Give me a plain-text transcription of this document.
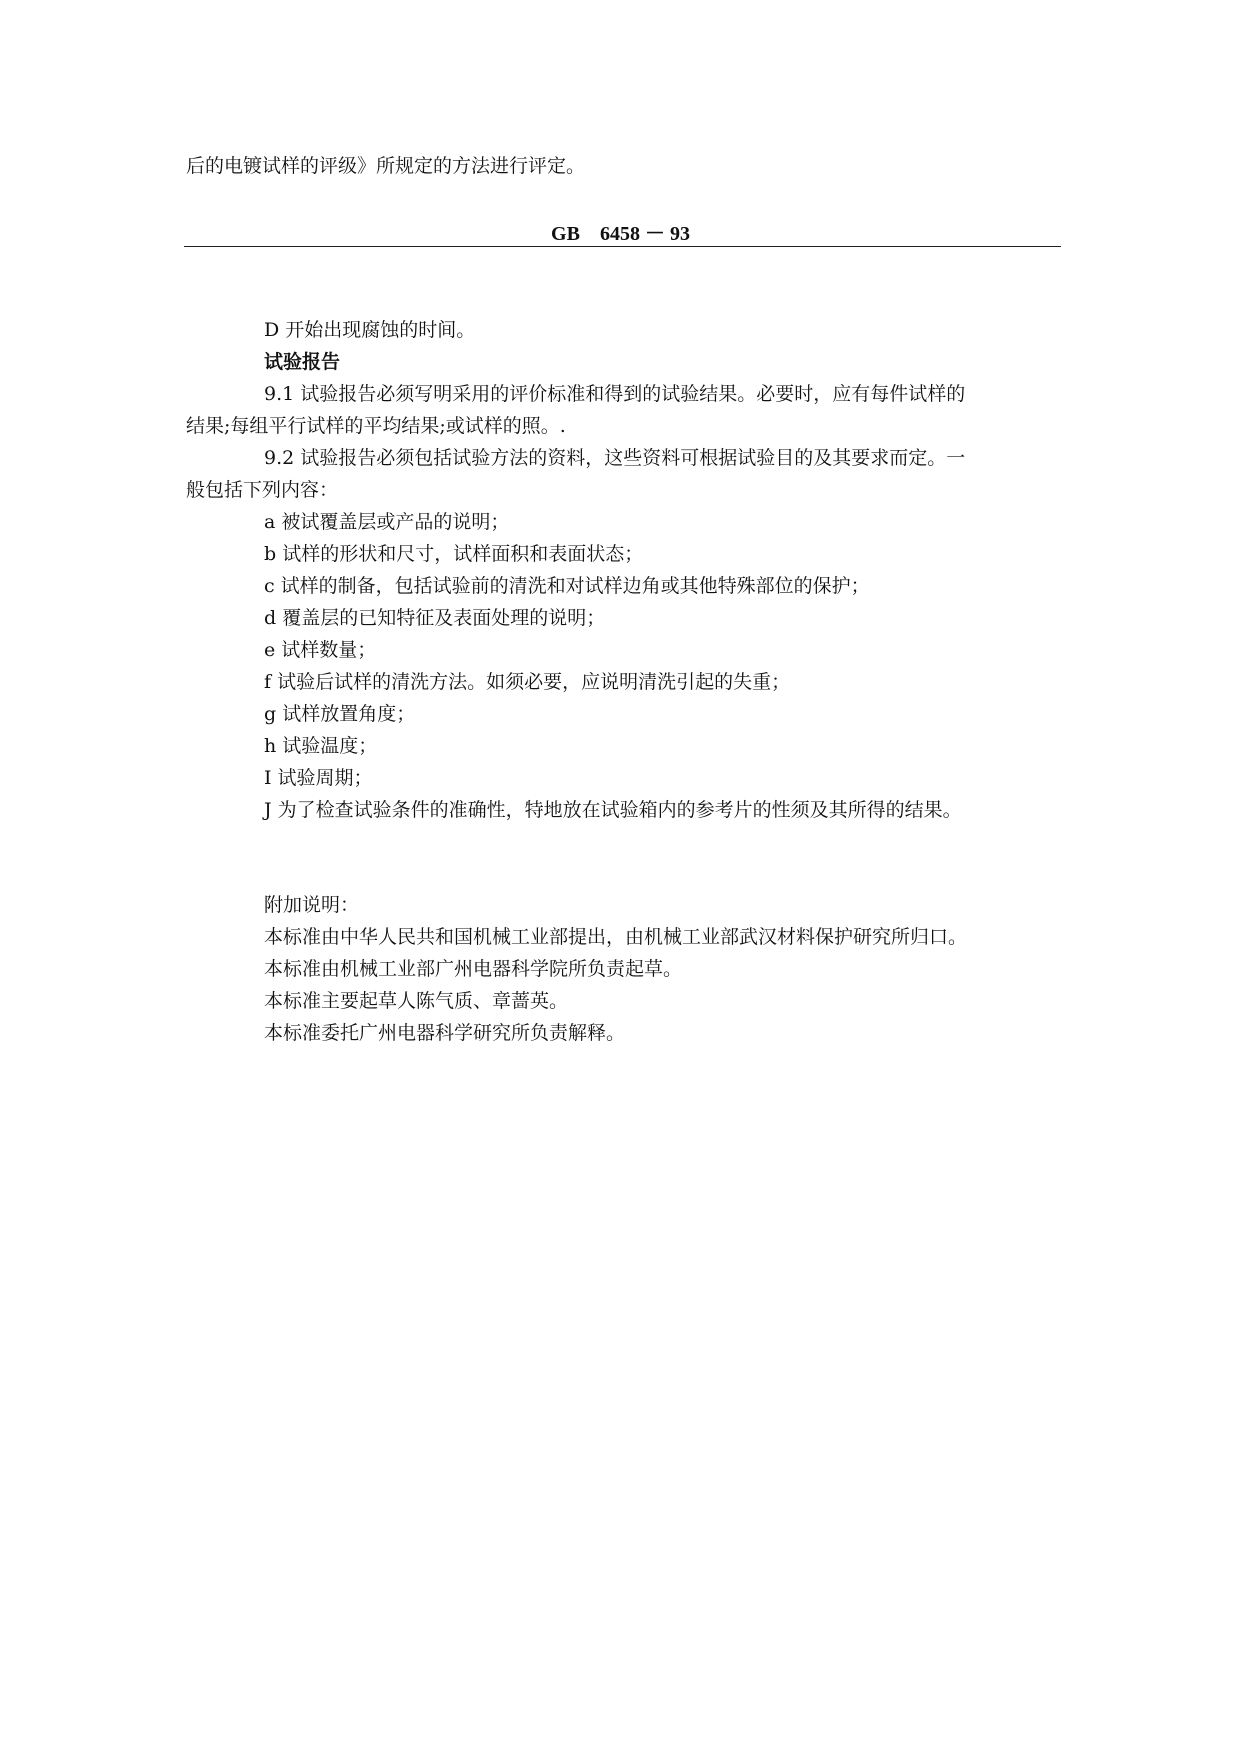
后的电镀试样的评级》所规定的方法进行评定。
GB　6458 － 93
D 开始出现腐蚀的时间。
试验报告
9.1 试验报告必须写明采用的评价标准和得到的试验结果。必要时，应有每件试样的
结果;每组平行试样的平均结果;或试样的照。.
9.2 试验报告必须包括试验方法的资料，这些资料可根据试验目的及其要求而定。一
般包括下列内容：
a 被试覆盖层或产品的说明；
b 试样的形状和尺寸，试样面积和表面状态；
c 试样的制备，包括试验前的清洗和对试样边角或其他特殊部位的保护；
d 覆盖层的已知特征及表面处理的说明；
e 试样数量；
f 试验后试样的清洗方法。如须必要，应说明清洗引起的失重；
g 试样放置角度；
h 试验温度；
I 试验周期；
J 为了检查试验条件的准确性，特地放在试验箱内的参考片的性须及其所得的结果。
附加说明：
本标准由中华人民共和国机械工业部提出，由机械工业部武汉材料保护研究所归口。
本标准由机械工业部广州电器科学院所负责起草。
本标准主要起草人陈气质、章蔷英。
本标准委托广州电器科学研究所负责解释。
